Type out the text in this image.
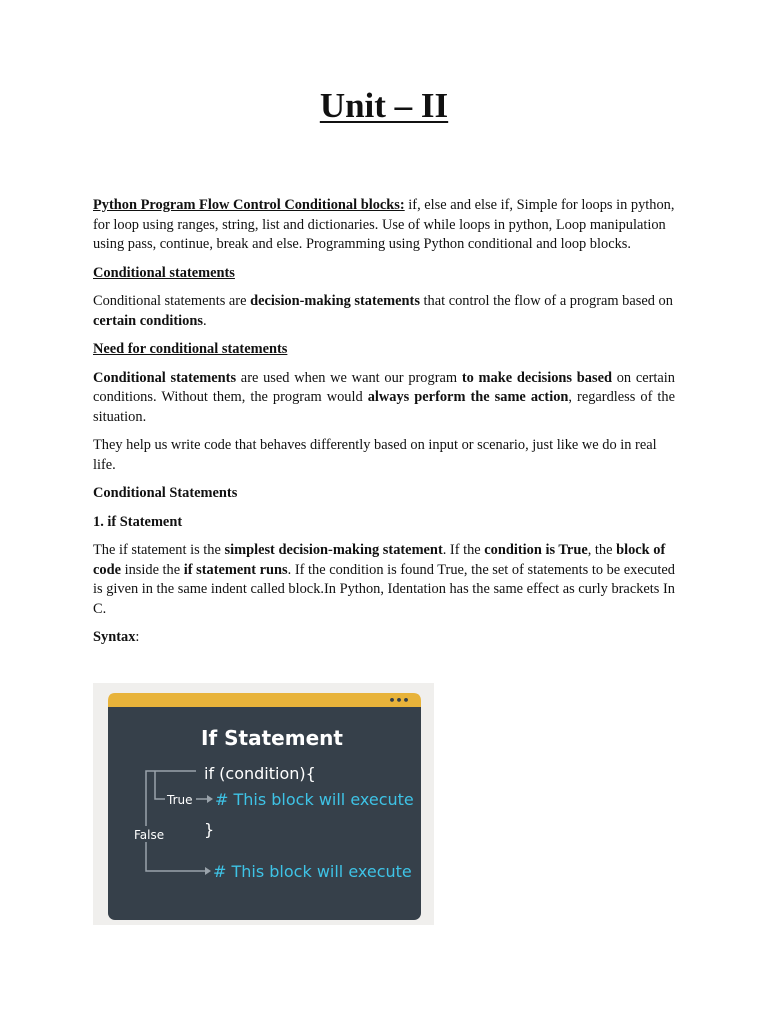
Unit – II

Python Program Flow Control Conditional blocks: if, else and else if, Simple for loops in python, for loop using ranges, string, list and dictionaries. Use of while loops in python, Loop manipulation using pass, continue, break and else. Programming using Python conditional and loop blocks.

Conditional statements

Conditional statements are decision-making statements that control the flow of a program based on certain conditions.

Need for conditional statements

Conditional statements are used when we want our program to make decisions based on certain conditions. Without them, the program would always perform the same action, regardless of the situation.

They help us write code that behaves differently based on input or scenario, just like we do in real life.

Conditional Statements

1. if Statement

The if statement is the simplest decision-making statement. If the condition is True, the block of code inside the if statement runs. If the condition is found True, the set of statements to be executed is given in the same indent called block.In Python, Identation has the same effect as curly brackets In C.

Syntax:

•••
If Statement
if (condition){
True # This block will execute
}
False
# This block will execute
